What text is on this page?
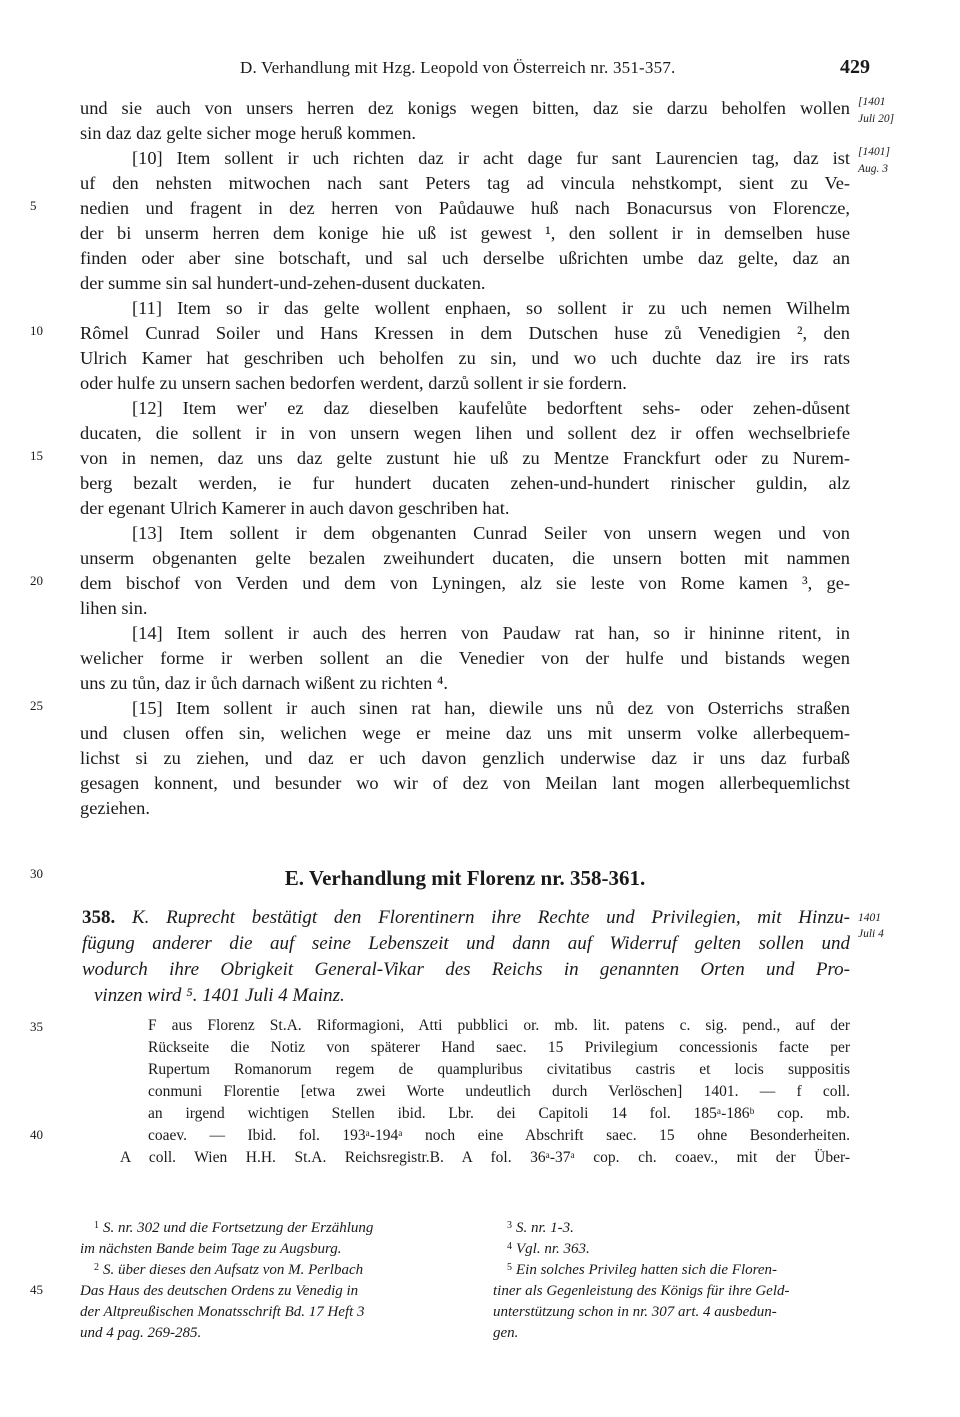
D. Verhandlung mit Hzg. Leopold von Österreich nr. 351-357.	429
und sie auch von unsers herren dez konigs wegen bitten, daz sie darzu beholfen wollen
sin daz daz gelte sicher moge heruß kommen.
[10] Item sollent ir uch richten daz ir acht dage fur sant Laurencien tag, daz ist
uf den nehsten mitwochen nach sant Peters tag ad vincula nehstkompt, sient zu Ve-
nedien und fragent in dez herren von Paůdauwe huß nach Bonacursus von Florencze,
der bi unserm herren dem konige hie uß ist gewest ¹, den sollent ir in demselben huse
finden oder aber sine botschaft, und sal uch derselbe ußrichten umbe daz gelte, daz an
der summe sin sal hundert-und-zehen-dusent duckaten.
[11] Item so ir das gelte wollent enphaen, so sollent ir zu uch nemen Wilhelm
Rômel Cunrad Soiler und Hans Kressen in dem Dutschen huse zů Venedigien ², den
Ulrich Kamer hat geschriben uch beholfen zu sin, und wo uch duchte daz ire irs rats
oder hulfe zu unsern sachen bedorfen werdent, darzů sollent ir sie fordern.
[12] Item wer' ez daz dieselben kaufelůte bedorftent sehs- oder zehen-důsent
ducaten, die sollent ir in von unsern wegen lihen und sollent dez ir offen wechselbriefe
von in nemen, daz uns daz gelte zustunt hie uß zu Mentze Franckfurt oder zu Nurem-
berg bezalt werden, ie fur hundert ducaten zehen-und-hundert rinischer guldin, alz
der egenant Ulrich Kamerer in auch davon geschriben hat.
[13] Item sollent ir dem obgenanten Cunrad Seiler von unsern wegen und von
unserm obgenanten gelte bezalen zweihundert ducaten, die unsern botten mit nammen
dem bischof von Verden und dem von Lyningen, alz sie leste von Rome kamen ³, ge-
lihen sin.
[14] Item sollent ir auch des herren von Paudaw rat han, so ir hininne ritent, in
welicher forme ir werben sollent an die Venedier von der hulfe und bistands wegen
uns zu tůn, daz ir ůch darnach wißent zu richten ⁴.
[15] Item sollent ir auch sinen rat han, diewile uns nů dez von Osterrichs straßen
und clusen offen sin, welichen wege er meine daz uns mit unserm volke allerbequem-
lichst si zu ziehen, und daz er uch davon genzlich underwise daz ir uns daz furbaß
gesagen konnent, und besunder wo wir of dez von Meilan lant mogen allerbequemlichst
geziehen.
5
10
15
20
25
[1401
Juli 20]
[1401]
Aug. 3
30	E. Verhandlung mit Florenz nr. 358-361.
358. K. Ruprecht bestätigt den Florentinern ihre Rechte und Privilegien, mit Hinzu-
fügung anderer die auf seine Lebenszeit und dann auf Widerruf gelten sollen und
wodurch ihre Obrigkeit General-Vikar des Reichs in genannten Orten und Pro-
vinzen wird ⁵. 1401 Juli 4 Mainz.
1401
Juli 4
35
40
F aus Florenz St.A. Riformagioni, Atti pubblici or. mb. lit. patens c. sig. pend., auf der
Rückseite die Notiz von späterer Hand saec. 15 Privilegium concessionis facte per
Rupertum Romanorum regem de quampluribus civitatibus castris et locis suppositis
conmuni Florentie [etwa zwei Worte undeutlich durch Verlöschen] 1401. — f coll.
an irgend wichtigen Stellen ibid. Lbr. dei Capitoli 14 fol. 185ᵃ-186ᵇ cop. mb.
coaev. — Ibid. fol. 193ᵃ-194ᵃ noch eine Abschrift saec. 15 ohne Besonderheiten.
A coll. Wien H.H. St.A. Reichsregistr.B. A fol. 36ᵃ-37ᵃ cop. ch. coaev., mit der Über-
45
$^1$ S. nr. 302 und die Fortsetzung der Erzählung
im nächsten Bande beim Tage zu Augsburg.
$^2$ S. über dieses den Aufsatz von M. Perlbach
Das Haus des deutschen Ordens zu Venedig in
der Altpreußischen Monatsschrift Bd. 17 Heft 3
und 4 pag. 269-285.
$^3$ S. nr. 1-3.
$^4$ Vgl. nr. 363.
$^5$ Ein solches Privileg hatten sich die Floren-
tiner als Gegenleistung des Königs für ihre Geld-
unterstützung schon in nr. 307 art. 4 ausbedun-
gen.
